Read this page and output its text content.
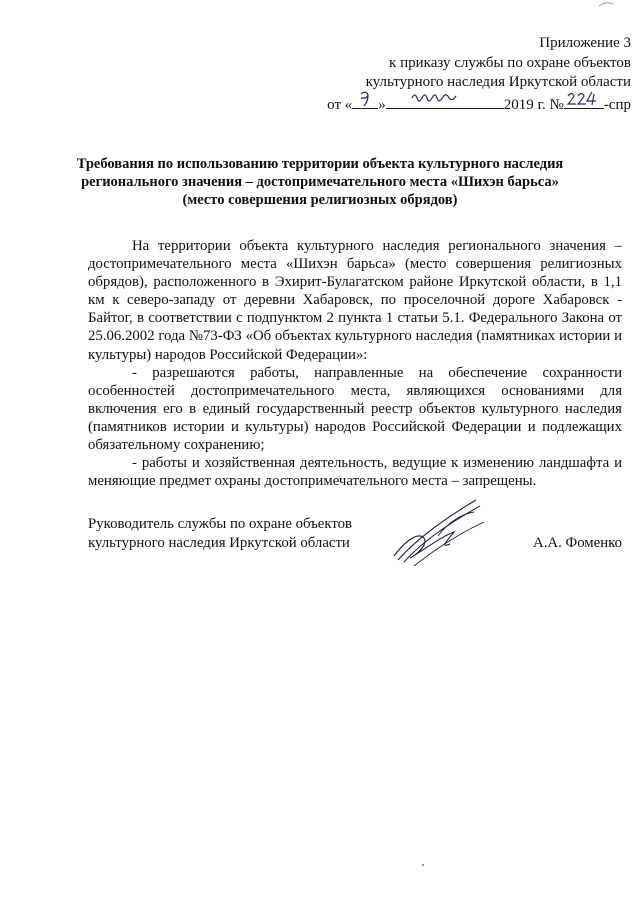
Приложение 3
к приказу службы по охране объектов
культурного наследия Иркутской области
от « »	2019 г. №	-спр
Требования по использованию территории объекта культурного наследия
регионального значения – достопримечательного места «Шихэн барьса»
(место совершения религиозных обрядов)

На территории объекта культурного наследия регионального значения – достопримечательного места «Шихэн барьса» (место совершения религиозных обрядов), расположенного в Эхирит-Булагатском районе Иркутской области, в 1,1 км к северо-западу от деревни Хабаровск, по проселочной дороге Хабаровск - Байтог, в соответствии с подпунктом 2 пункта 1 статьи 5.1. Федерального Закона от 25.06.2002 года №73-ФЗ «Об объектах культурного наследия (памятниках истории и культуры) народов Российской Федерации»:

- разрешаются работы, направленные на обеспечение сохранности особенностей достопримечательного места, являющихся основаниями для включения его в единый государственный реестр объектов культурного наследия (памятников истории и культуры) народов Российской Федерации и подлежащих обязательному сохранению;

- работы и хозяйственная деятельность, ведущие к изменению ландшафта и меняющие предмет охраны достопримечательного места – запрещены.

Руководитель службы по охране объектов
культурного наследия Иркутской области	А.А. Фоменко
